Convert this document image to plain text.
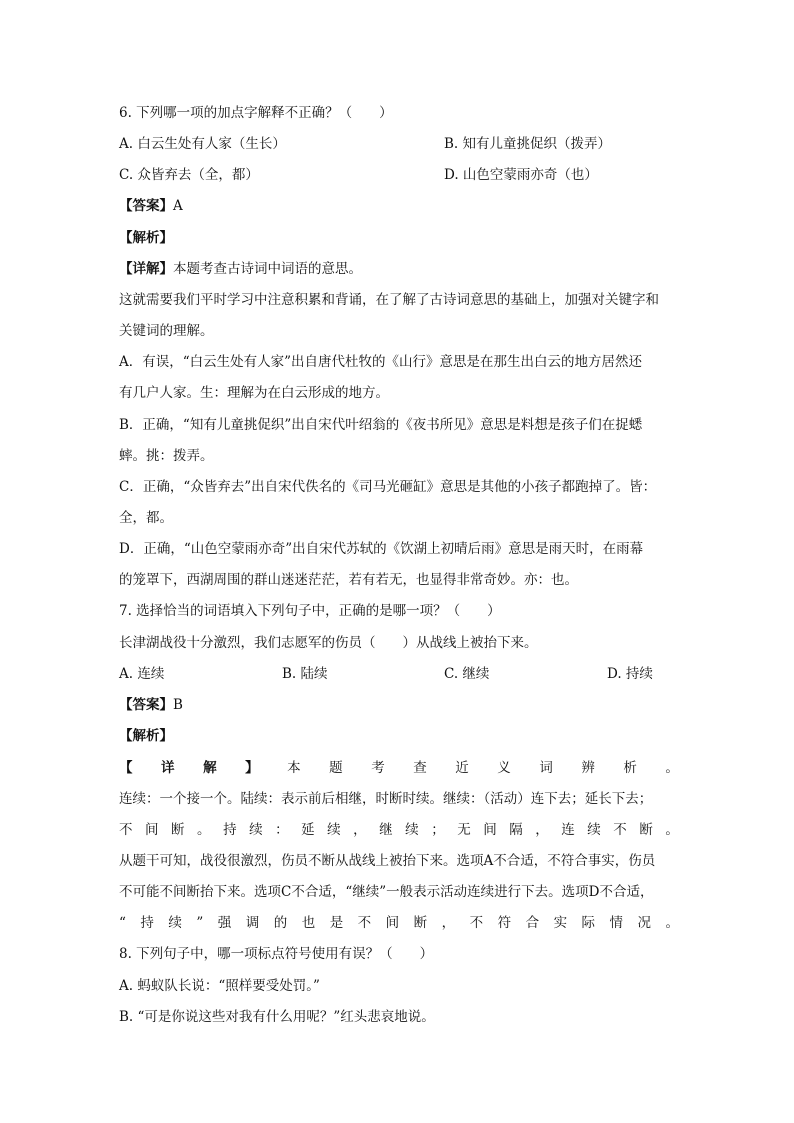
6. 下列哪一项的加点字解释不正确？（　　）
A. 白云生处有人家（生长）	B. 知有儿童挑促织（拨弄）
C. 众皆弃去（全，都）	D. 山色空蒙雨亦奇（也）
【答案】A
【解析】
【详解】本题考查古诗词中词语的意思。
这就需要我们平时学习中注意积累和背诵，在了解了古诗词意思的基础上，加强对关键字和
关键词的理解。
A．有误，“白云生处有人家”出自唐代杜牧的《山行》意思是在那生出白云的地方居然还
有几户人家。生：理解为在白云形成的地方。
B．正确，“知有儿童挑促织”出自宋代叶绍翁的《夜书所见》意思是料想是孩子们在捉蟋
蟀。挑：拨弄。
C．正确，“众皆弃去”出自宋代佚名的《司马光砸缸》意思是其他的小孩子都跑掉了。皆：
全，都。
D．正确，“山色空蒙雨亦奇”出自宋代苏轼的《饮湖上初晴后雨》意思是雨天时，在雨幕
的笼罩下，西湖周围的群山迷迷茫茫，若有若无，也显得非常奇妙。亦：也。
7. 选择恰当的词语填入下列句子中，正确的是哪一项？（　　）
长津湖战役十分激烈，我们志愿军的伤员（　　）从战线上被抬下来。
A. 连续	B. 陆续	C. 继续	D. 持续
【答案】B
【解析】
【 详 解 】 本 题 考 查 近 义 词 辨 析 。
连续：一个接一个。陆续：表示前后相继，时断时续。继续：（活动）连下去；延长下去；
不 间 断 。 持 续 ： 延 续 ， 继 续 ； 无 间 隔 ， 连 续 不 断 。
从题干可知，战役很激烈，伤员不断从战线上被抬下来。选项A不合适，不符合事实，伤员
不可能不间断抬下来。选项C不合适，“继续”一般表示活动连续进行下去。选项D不合适，
“ 持 续 ” 强 调 的 也 是 不 间 断 ， 不 符 合 实 际 情 况 。
8. 下列句子中，哪一项标点符号使用有误？（　　）
A. 蚂蚁队长说：“照样要受处罚。”
B. “可是你说这些对我有什么用呢？”红头悲哀地说。
